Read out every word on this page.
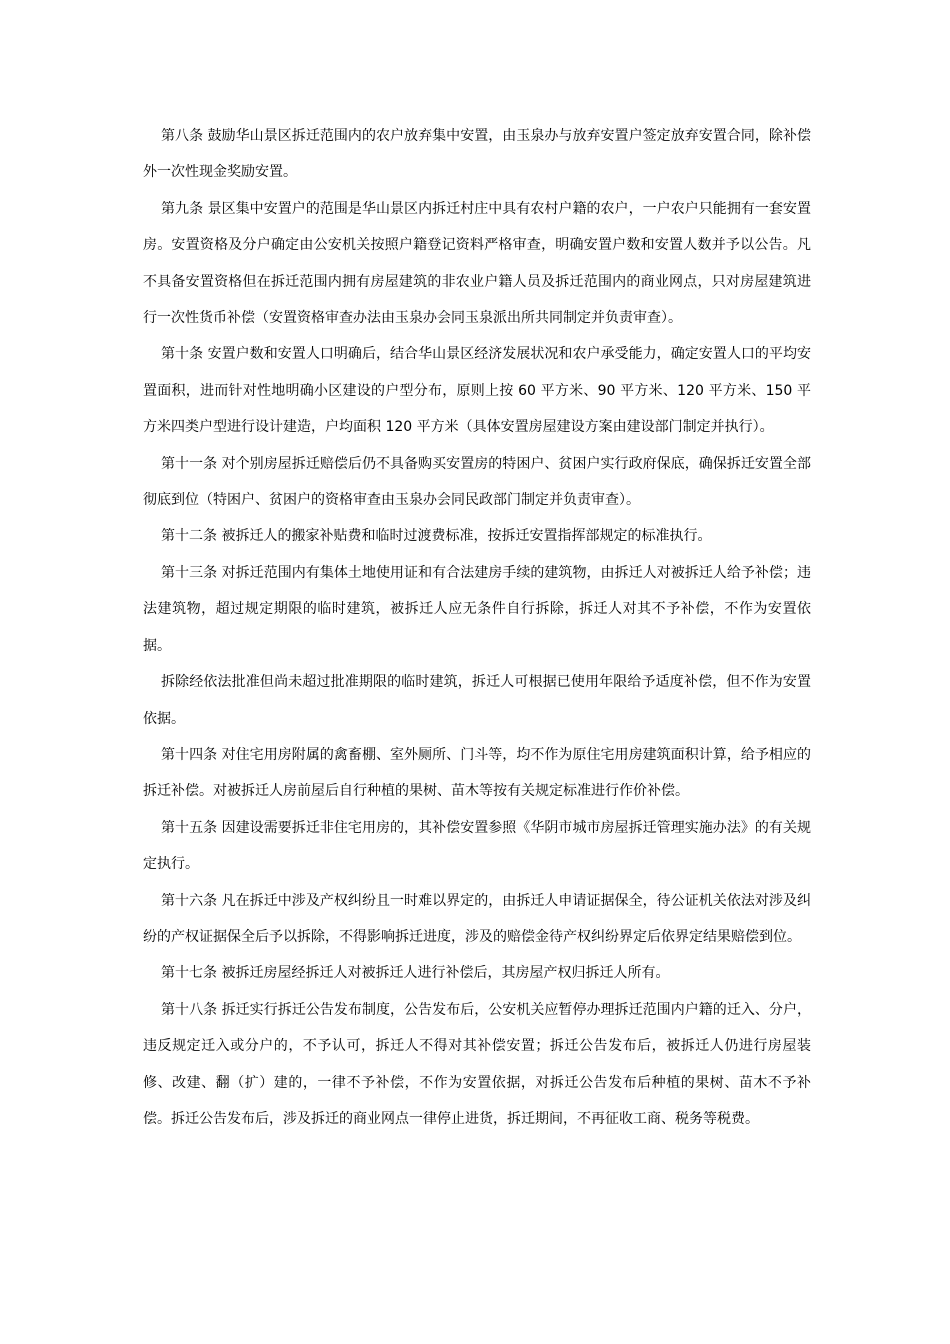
第八条 鼓励华山景区拆迁范围内的农户放弃集中安置，由玉泉办与放弃安置户签定放弃安置合同，除补偿外一次性现金奖励安置。

第九条 景区集中安置户的范围是华山景区内拆迁村庄中具有农村户籍的农户，一户农户只能拥有一套安置房。安置资格及分户确定由公安机关按照户籍登记资料严格审查，明确安置户数和安置人数并予以公告。凡不具备安置资格但在拆迁范围内拥有房屋建筑的非农业户籍人员及拆迁范围内的商业网点，只对房屋建筑进行一次性货币补偿（安置资格审查办法由玉泉办会同玉泉派出所共同制定并负责审查）。

第十条 安置户数和安置人口明确后，结合华山景区经济发展状况和农户承受能力，确定安置人口的平均安置面积，进而针对性地明确小区建设的户型分布，原则上按 60 平方米、90 平方米、120 平方米、150 平方米四类户型进行设计建造，户均面积 120 平方米（具体安置房屋建设方案由建设部门制定并执行）。

第十一条 对个别房屋拆迁赔偿后仍不具备购买安置房的特困户、贫困户实行政府保底，确保拆迁安置全部彻底到位（特困户、贫困户的资格审查由玉泉办会同民政部门制定并负责审查）。

第十二条 被拆迁人的搬家补贴费和临时过渡费标准，按拆迁安置指挥部规定的标准执行。

第十三条 对拆迁范围内有集体土地使用证和有合法建房手续的建筑物，由拆迁人对被拆迁人给予补偿；违法建筑物，超过规定期限的临时建筑，被拆迁人应无条件自行拆除，拆迁人对其不予补偿，不作为安置依据。

拆除经依法批准但尚未超过批准期限的临时建筑，拆迁人可根据已使用年限给予适度补偿，但不作为安置依据。

第十四条 对住宅用房附属的禽畜棚、室外厕所、门斗等，均不作为原住宅用房建筑面积计算，给予相应的拆迁补偿。对被拆迁人房前屋后自行种植的果树、苗木等按有关规定标准进行作价补偿。

第十五条 因建设需要拆迁非住宅用房的，其补偿安置参照《华阴市城市房屋拆迁管理实施办法》的有关规定执行。

第十六条 凡在拆迁中涉及产权纠纷且一时难以界定的，由拆迁人申请证据保全，待公证机关依法对涉及纠纷的产权证据保全后予以拆除，不得影响拆迁进度，涉及的赔偿金待产权纠纷界定后依界定结果赔偿到位。

第十七条 被拆迁房屋经拆迁人对被拆迁人进行补偿后，其房屋产权归拆迁人所有。

第十八条 拆迁实行拆迁公告发布制度，公告发布后，公安机关应暂停办理拆迁范围内户籍的迁入、分户，违反规定迁入或分户的，不予认可，拆迁人不得对其补偿安置；拆迁公告发布后，被拆迁人仍进行房屋装修、改建、翻（扩）建的，一律不予补偿，不作为安置依据，对拆迁公告发布后种植的果树、苗木不予补偿。拆迁公告发布后，涉及拆迁的商业网点一律停止进货，拆迁期间，不再征收工商、税务等税费。
